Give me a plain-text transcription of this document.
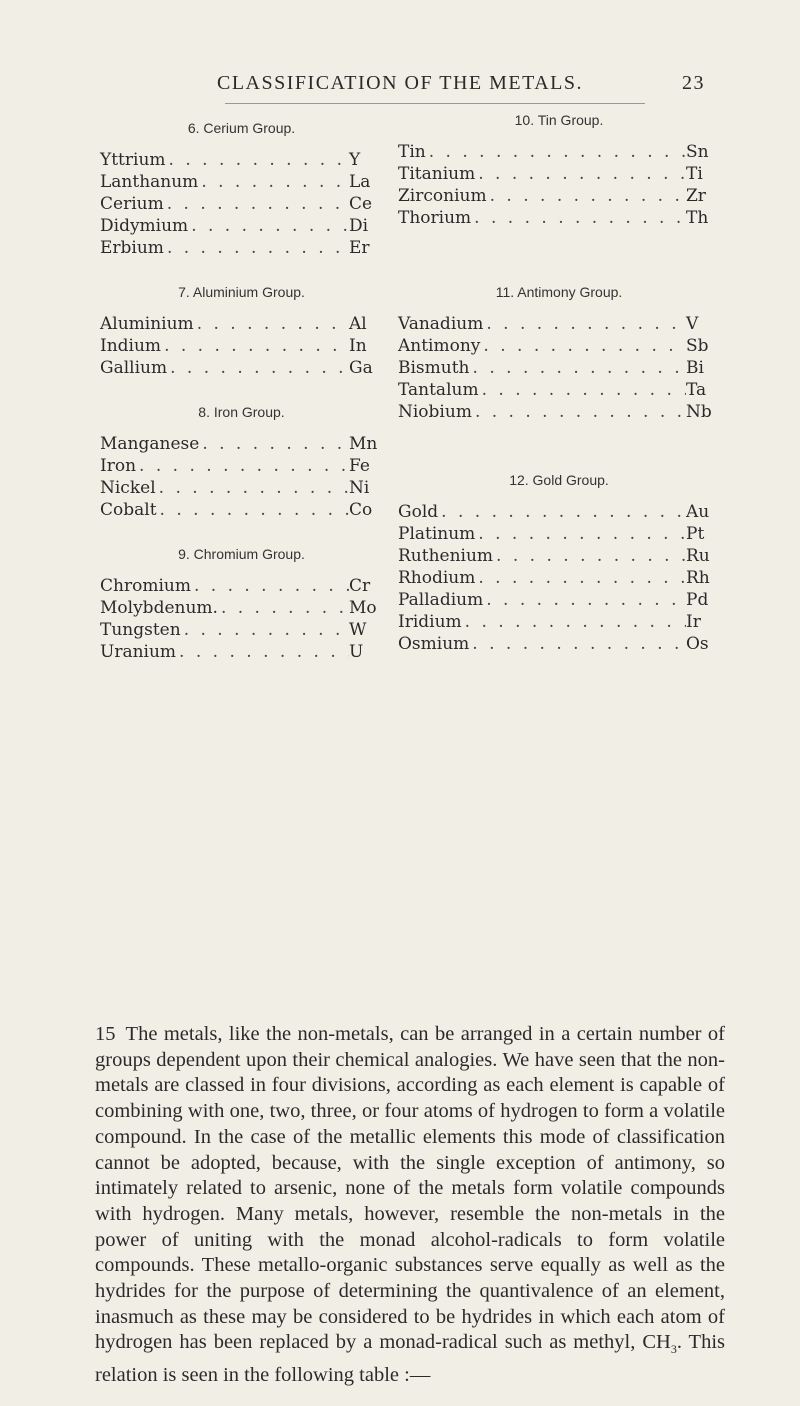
CLASSIFICATION OF THE METALS.	23
6. Cerium Group.
Yttrium . . .	Y
Lanthanum . . .	La
Cerium . . .	Ce
Didymium . . .	Di
Erbium . . .	Er
7. Aluminium Group.
Aluminium . . .	Al
Indium . . .	In
Gallium . . .	Ga
8. Iron Group.
Manganese . . .	Mn
Iron . . .	Fe
Nickel . . .	Ni
Cobalt . . .	Co
9. Chromium Group.
Chromium . . .	Cr
Molybdenum. . . .	Mo
Tungsten . . .	W
Uranium . . .	U
10. Tin Group.
Tin . . .	Sn
Titanium . . .	Ti
Zirconium . . .	Zr
Thorium . . .	Th
11. Antimony Group.
Vanadium . . .	V
Antimony . . .	Sb
Bismuth . . .	Bi
Tantalum . . .	Ta
Niobium . . .	Nb
12. Gold Group.
Gold . . .	Au
Platinum . . .	Pt
Ruthenium . . .	Ru
Rhodium . . .	Rh
Palladium . . .	Pd
Iridium . . .	Ir
Osmium . . .	Os
15 The metals, like the non-metals, can be arranged in a certain number of groups dependent upon their chemical analogies. We have seen that the non-metals are classed in four divisions, according as each element is capable of combining with one, two, three, or four atoms of hydrogen to form a volatile compound. In the case of the metallic elements this mode of classification cannot be adopted, because, with the single exception of antimony, so intimately related to arsenic, none of the metals form volatile compounds with hydrogen. Many metals, however, resemble the non-metals in the power of uniting with the monad alcohol-radicals to form volatile compounds. These metallo-organic substances serve equally as well as the hydrides for the purpose of determining the quantivalence of an element, inasmuch as these may be considered to be hydrides in which each atom of hydrogen has been replaced by a monad-radical such as methyl, $CH_3$. This relation is seen in the following table :—
